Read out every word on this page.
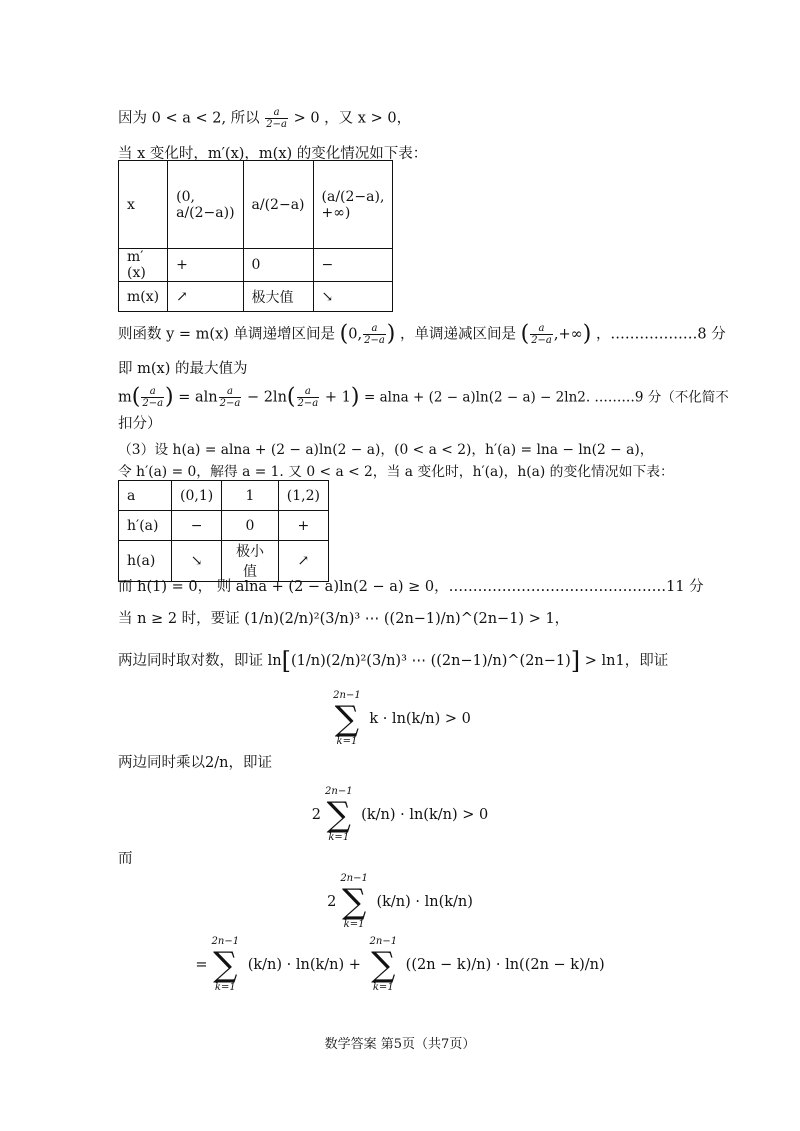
因为 0 < a < 2, 所以 $\frac{a}{2-a} > 0$ ，又 x > 0，
当 x 变化时，m′(x)，m(x) 的变化情况如下表：
x	(0, a/(2−a))	a/(2−a)	(a/(2−a), +∞)
m′(x)	+	0	−
m(x)	↗	极大值	↘
则函数 y = m(x) 单调递增区间是 (0, $\frac{a}{2-a}$ ) ，单调递减区间是 ( $\frac{a}{2-a}$ ,+∞) ，………………8 分
即 m(x) 的最大值为
$m( \frac{a}{2-a}$ ) = aln $\frac{a}{2-a} - 2\ln( \frac{a}{2-a} + 1) = alna + (2 - a)\ln(2 - a) - 2\ln 2$. ………9 分（不化简不
扣分）
（3）设 h(a) = alna + (2 − a)ln(2 − a)，(0 < a < 2)，h′(a) = lna − ln(2 − a)，
令 h′(a) = 0，解得 a = 1. 又 0 < a < 2，当 a 变化时，h′(a)，h(a) 的变化情况如下表：
a	(0,1)	1	(1,2)
h′(a)	−	0	+
h(a)	↘	极小值	↗
而 h(1) = 0， 则 alna + (2 − a)ln(2 − a) ≥ 0，………………………………………11 分
当 n ≥ 2 时，要证 (1/n)(2/n)²(3/n)³ ⋯ ((2n−1)/n)^(2n−1) > 1，
两边同时取对数，即证 ln[(1/n)(2/n)²(3/n)³ ⋯ ((2n−1)/n)^(2n−1)] > ln1，即证
2n−1
∑
k=1
k · ln(k/n) > 0
两边同时乘以2/n，即证
2
2n−1
∑
k=1
(k/n) · ln(k/n) > 0
而
2
2n−1
∑
k=1
(k/n) · ln(k/n)
=
2n−1
∑
k=1
(k/n) · ln(k/n) +
2n−1
∑
k=1
((2n − k)/n) · ln((2n − k)/n)
数学答案 第5页（共7页）
